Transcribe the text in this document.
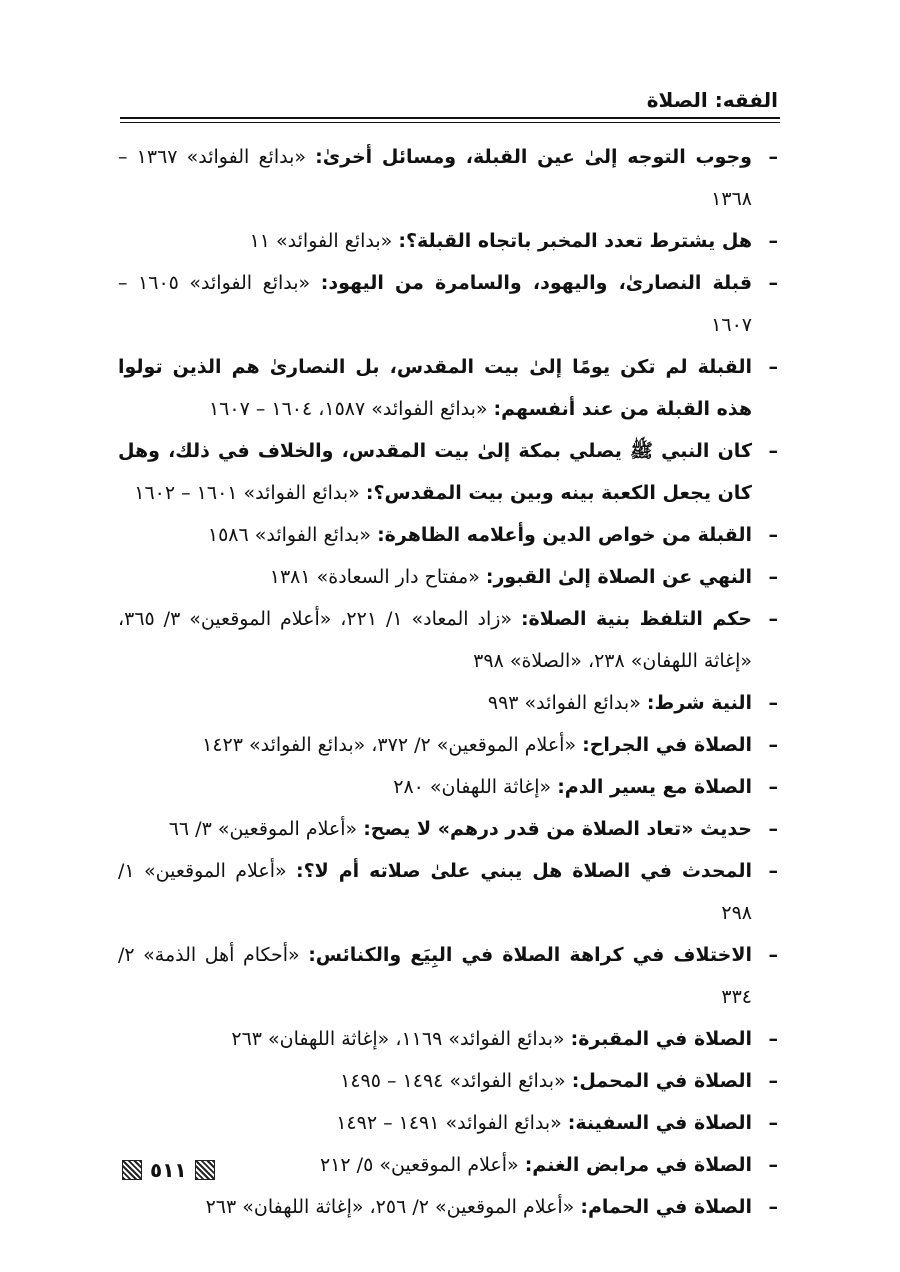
الفقه: الصلاة
–
وجوب التوجه إلىٰ عين القبلة، ومسائل أخرىٰ: «بدائع الفوائد» ١٣٦٧ – ١٣٦٨
–
هل يشترط تعدد المخبر باتجاه القبلة؟: «بدائع الفوائد» ١١
–
قبلة النصارىٰ، واليهود، والسامرة من اليهود: «بدائع الفوائد» ١٦٠٥ – ١٦٠٧
–
القبلة لم تكن يومًا إلىٰ بيت المقدس، بل النصارىٰ هم الذين تولوا هذه القبلة من عند أنفسهم: «بدائع الفوائد» ١٥٨٧، ١٦٠٤ – ١٦٠٧
–
كان النبي ﷺ يصلي بمكة إلىٰ بيت المقدس، والخلاف في ذلك، وهل كان يجعل الكعبة بينه وبين بيت المقدس؟: «بدائع الفوائد» ١٦٠١ – ١٦٠٢
–
القبلة من خواص الدين وأعلامه الظاهرة: «بدائع الفوائد» ١٥٨٦
–
النهي عن الصلاة إلىٰ القبور: «مفتاح دار السعادة» ١٣٨١
–
حكم التلفظ بنية الصلاة: «زاد المعاد» ١/ ٢٢١، «أعلام الموقعين» ٣/ ٣٦٥، «إغاثة اللهفان» ٢٣٨، «الصلاة» ٣٩٨
–
النية شرط: «بدائع الفوائد» ٩٩٣
–
الصلاة في الجراح: «أعلام الموقعين» ٢/ ٣٧٢، «بدائع الفوائد» ١٤٢٣
–
الصلاة مع يسير الدم: «إغاثة اللهفان» ٢٨٠
–
حديث «تعاد الصلاة من قدر درهم» لا يصح: «أعلام الموقعين» ٣/ ٦٦
–
المحدث في الصلاة هل يبني علىٰ صلاته أم لا؟: «أعلام الموقعين» ١/ ٢٩٨
–
الاختلاف في كراهة الصلاة في البِيَع والكنائس: «أحكام أهل الذمة» ٢/ ٣٣٤
–
الصلاة في المقبرة: «بدائع الفوائد» ١١٦٩، «إغاثة اللهفان» ٢٦٣
–
الصلاة في المحمل: «بدائع الفوائد» ١٤٩٤ – ١٤٩٥
–
الصلاة في السفينة: «بدائع الفوائد» ١٤٩١ – ١٤٩٢
–
الصلاة في مرابض الغنم: «أعلام الموقعين» ٥/ ٢١٢
–
الصلاة في الحمام: «أعلام الموقعين» ٢/ ٢٥٦، «إغاثة اللهفان» ٢٦٣
٥١١
